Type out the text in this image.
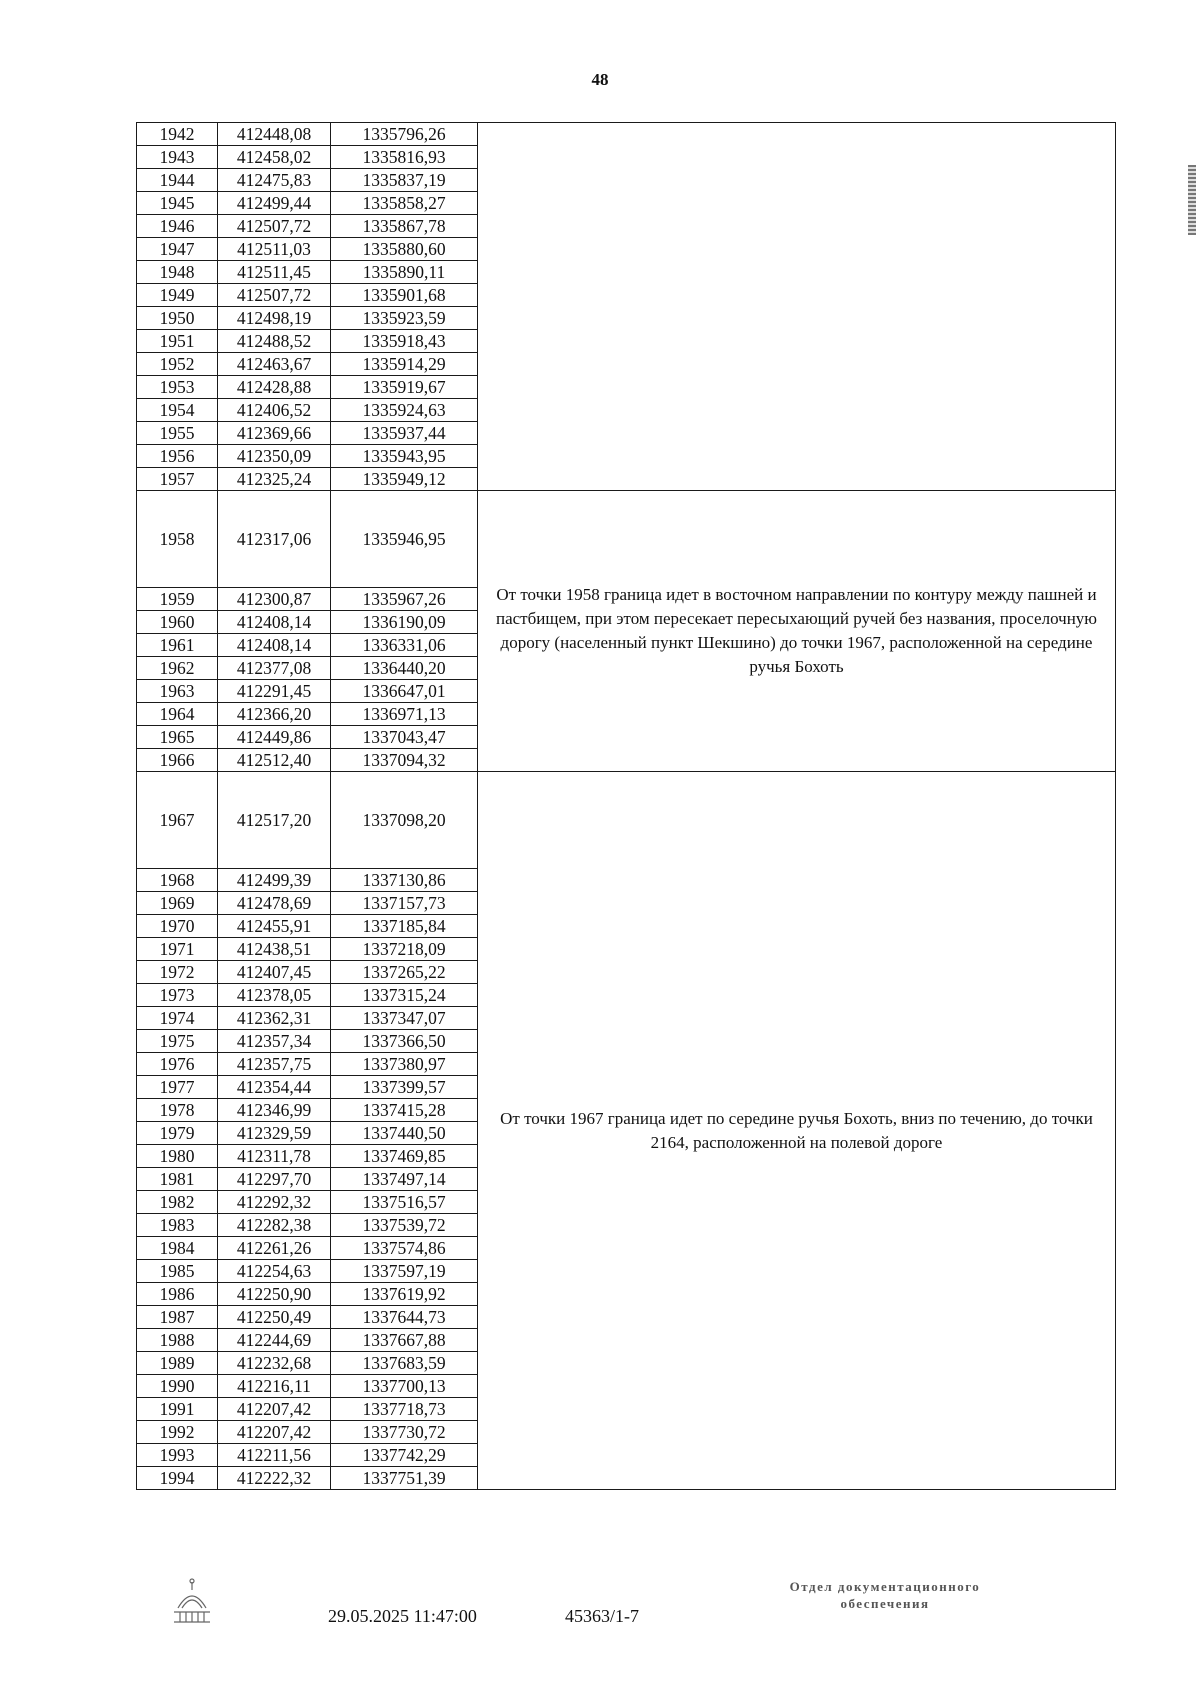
48
1942	412448,08	1335796,26	
1943	412458,02	1335816,93	
1944	412475,83	1335837,19	
1945	412499,44	1335858,27	
1946	412507,72	1335867,78	
1947	412511,03	1335880,60	
1948	412511,45	1335890,11	
1949	412507,72	1335901,68	
1950	412498,19	1335923,59	
1951	412488,52	1335918,43	
1952	412463,67	1335914,29	
1953	412428,88	1335919,67	
1954	412406,52	1335924,63	
1955	412369,66	1335937,44	
1956	412350,09	1335943,95	
1957	412325,24	1335949,12	
1958	412317,06	1335946,95	От точки 1958 граница идет в восточном направлении по контуру между пашней и пастбищем, при этом пересекает пересыхающий ручей без названия, проселочную дорогу (населенный пункт Шекшино) до точки 1967, расположенной на середине ручья Бохоть
1959	412300,87	1335967,26	
1960	412408,14	1336190,09	
1961	412408,14	1336331,06	
1962	412377,08	1336440,20	
1963	412291,45	1336647,01	
1964	412366,20	1336971,13	
1965	412449,86	1337043,47	
1966	412512,40	1337094,32	
1967	412517,20	1337098,20	От точки 1967 граница идет по середине ручья Бохоть, вниз по течению, до точки 2164, расположенной на полевой дороге
1968	412499,39	1337130,86	
1969	412478,69	1337157,73	
1970	412455,91	1337185,84	
1971	412438,51	1337218,09	
1972	412407,45	1337265,22	
1973	412378,05	1337315,24	
1974	412362,31	1337347,07	
1975	412357,34	1337366,50	
1976	412357,75	1337380,97	
1977	412354,44	1337399,57	
1978	412346,99	1337415,28	
1979	412329,59	1337440,50	
1980	412311,78	1337469,85	
1981	412297,70	1337497,14	
1982	412292,32	1337516,57	
1983	412282,38	1337539,72	
1984	412261,26	1337574,86	
1985	412254,63	1337597,19	
1986	412250,90	1337619,92	
1987	412250,49	1337644,73	
1988	412244,69	1337667,88	
1989	412232,68	1337683,59	
1990	412216,11	1337700,13	
1991	412207,42	1337718,73	
1992	412207,42	1337730,72	
1993	412211,56	1337742,29	
1994	412222,32	1337751,39	
29.05.2025 11:47:00	45363/1-7
Отдел документационного
обеспечения
